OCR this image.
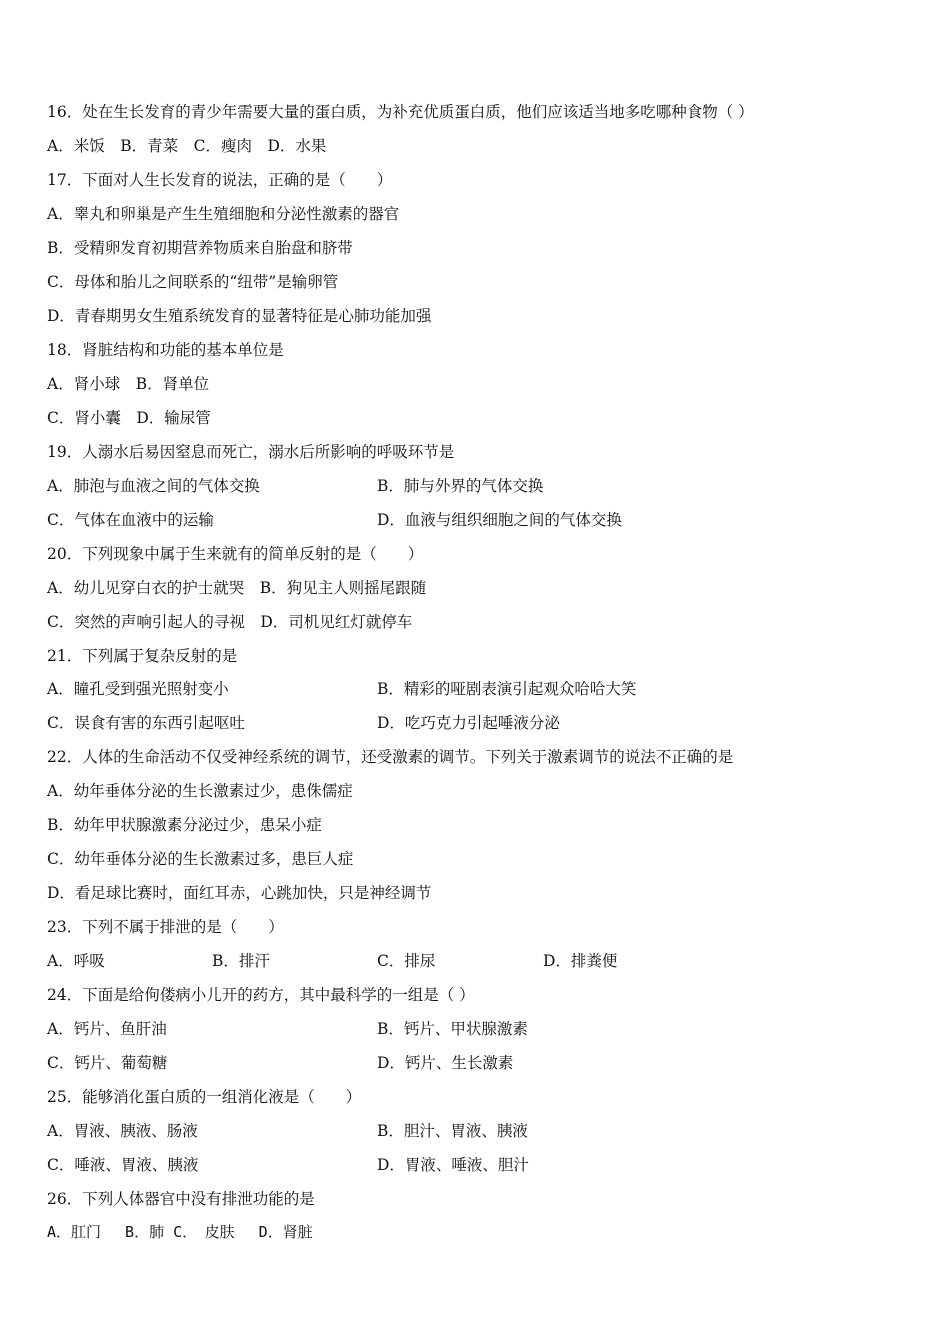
16．处在生长发育的青少年需要大量的蛋白质，为补充优质蛋白质，他们应该适当地多吃哪种食物（ ）
A．米饭　B．青菜　C．瘦肉　D．水果
17．下面对人生长发育的说法，正确的是（　　）
A．睾丸和卵巢是产生生殖细胞和分泌性激素的器官
B．受精卵发育初期营养物质来自胎盘和脐带
C．母体和胎儿之间联系的“纽带”是输卵管
D．青春期男女生殖系统发育的显著特征是心肺功能加强
18．肾脏结构和功能的基本单位是
A．肾小球　B．肾单位
C．肾小囊　D．输尿管
19．人溺水后易因窒息而死亡，溺水后所影响的呼吸环节是
A．肺泡与血液之间的气体交换	B．肺与外界的气体交换
C．气体在血液中的运输	D．血液与组织细胞之间的气体交换
20．下列现象中属于生来就有的简单反射的是（　　）
A．幼儿见穿白衣的护士就哭　B．狗见主人则摇尾跟随
C．突然的声响引起人的寻视　D．司机见红灯就停车
21．下列属于复杂反射的是
A．瞳孔受到强光照射变小	B．精彩的哑剧表演引起观众哈哈大笑
C．误食有害的东西引起呕吐	D．吃巧克力引起唾液分泌
22．人体的生命活动不仅受神经系统的调节，还受激素的调节。下列关于激素调节的说法不正确的是
A．幼年垂体分泌的生长激素过少，患侏儒症
B．幼年甲状腺激素分泌过少，患呆小症
C．幼年垂体分泌的生长激素过多，患巨人症
D．看足球比赛时，面红耳赤，心跳加快，只是神经调节
23．下列不属于排泄的是（　　）
A．呼吸	B．排汗	C．排尿	D．排粪便
24．下面是给佝偻病小儿开的药方，其中最科学的一组是（ ）
A．钙片、鱼肝油	B．钙片、甲状腺激素
C．钙片、葡萄糖	D．钙片、生长激素
25．能够消化蛋白质的一组消化液是（　　）
A．胃液、胰液、肠液	B．胆汁、胃液、胰液
C．唾液、胃液、胰液	D．胃液、唾液、胆汁
26．下列人体器官中没有排泄功能的是
A．肛门　 B．肺 C．　皮肤　 D．肾脏
